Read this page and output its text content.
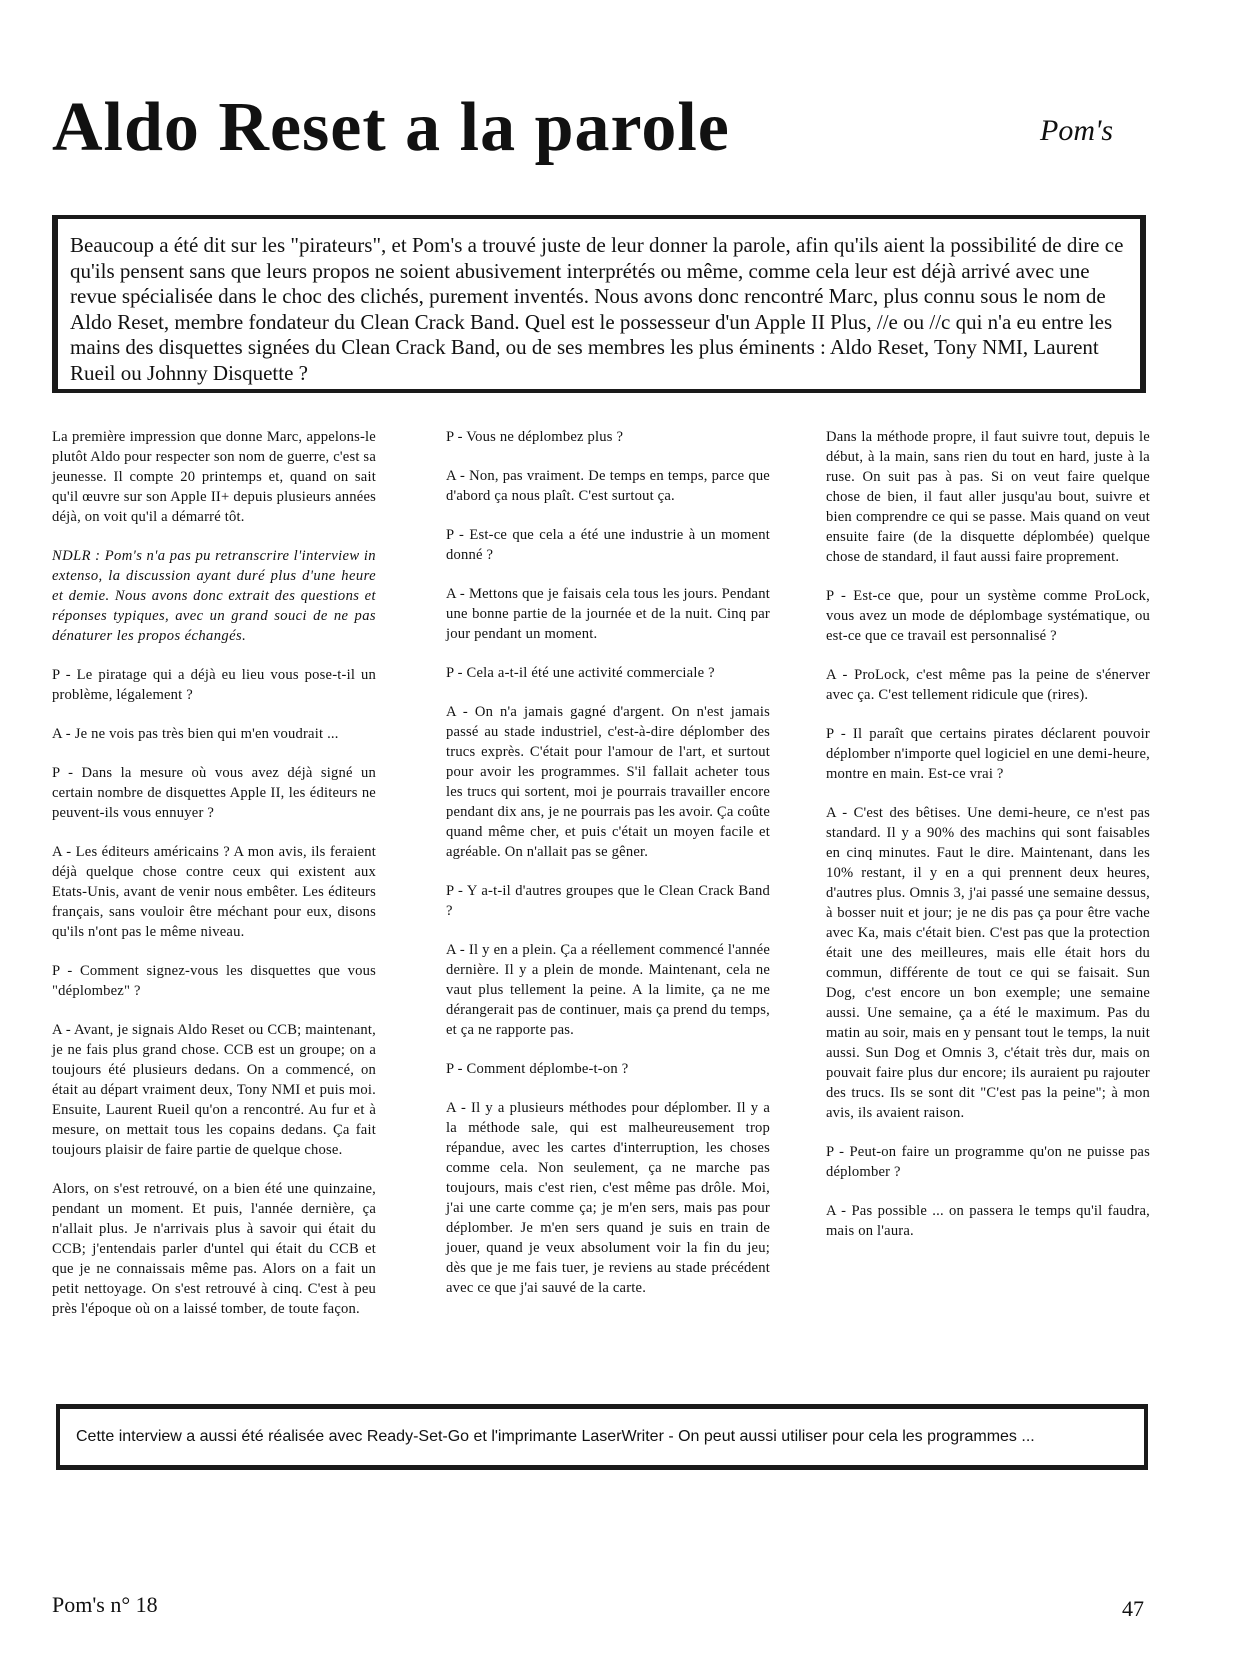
Aldo Reset a la parole	Pom's
Beaucoup a été dit sur les "pirateurs", et Pom's a trouvé juste de leur donner la parole, afin qu'ils aient la possibilité de dire ce qu'ils pensent sans que leurs propos ne soient abusivement interprétés ou même, comme cela leur est déjà arrivé avec une revue spécialisée dans le choc des clichés, purement inventés. Nous avons donc rencontré Marc, plus connu sous le nom de Aldo Reset, membre fondateur du Clean Crack Band. Quel est le possesseur d'un Apple II Plus, //e ou //c qui n'a eu entre les mains des disquettes signées du Clean Crack Band, ou de ses membres les plus éminents : Aldo Reset, Tony NMI, Laurent Rueil ou Johnny Disquette ?

La première impression que donne Marc, appelons-le plutôt Aldo pour respecter son nom de guerre, c'est sa jeunesse. Il compte 20 printemps et, quand on sait qu'il œuvre sur son Apple II+ depuis plusieurs années déjà, on voit qu'il a démarré tôt.

NDLR : Pom's n'a pas pu retranscrire l'interview in extenso, la discussion ayant duré plus d'une heure et demie. Nous avons donc extrait des questions et réponses typiques, avec un grand souci de ne pas dénaturer les propos échangés.

P - Le piratage qui a déjà eu lieu vous pose-t-il un problème, légalement ?

A - Je ne vois pas très bien qui m'en voudrait ...

P - Dans la mesure où vous avez déjà signé un certain nombre de disquettes Apple II, les éditeurs ne peuvent-ils vous ennuyer ?

A - Les éditeurs américains ? A mon avis, ils feraient déjà quelque chose contre ceux qui existent aux Etats-Unis, avant de venir nous embêter. Les éditeurs français, sans vouloir être méchant pour eux, disons qu'ils n'ont pas le même niveau.

P - Comment signez-vous les disquettes que vous "déplombez" ?

A - Avant, je signais Aldo Reset ou CCB; maintenant, je ne fais plus grand chose. CCB est un groupe; on a toujours été plusieurs dedans. On a commencé, on était au départ vraiment deux, Tony NMI et puis moi. Ensuite, Laurent Rueil qu'on a rencontré. Au fur et à mesure, on mettait tous les copains dedans. Ça fait toujours plaisir de faire partie de quelque chose.

Alors, on s'est retrouvé, on a bien été une quinzaine, pendant un moment. Et puis, l'année dernière, ça n'allait plus. Je n'arrivais plus à savoir qui était du CCB; j'entendais parler d'untel qui était du CCB et que je ne connaissais même pas. Alors on a fait un petit nettoyage. On s'est retrouvé à cinq. C'est à peu près l'époque où on a laissé tomber, de toute façon.

P - Vous ne déplombez plus ?

A - Non, pas vraiment. De temps en temps, parce que d'abord ça nous plaît. C'est surtout ça.

P - Est-ce que cela a été une industrie à un moment donné ?

A - Mettons que je faisais cela tous les jours. Pendant une bonne partie de la journée et de la nuit. Cinq par jour pendant un moment.

P - Cela a-t-il été une activité commerciale ?

A - On n'a jamais gagné d'argent. On n'est jamais passé au stade industriel, c'est-à-dire déplomber des trucs exprès. C'était pour l'amour de l'art, et surtout pour avoir les programmes. S'il fallait acheter tous les trucs qui sortent, moi je pourrais travailler encore pendant dix ans, je ne pourrais pas les avoir. Ça coûte quand même cher, et puis c'était un moyen facile et agréable. On n'allait pas se gêner.

P - Y a-t-il d'autres groupes que le Clean Crack Band ?

A - Il y en a plein. Ça a réellement commencé l'année dernière. Il y a plein de monde. Maintenant, cela ne vaut plus tellement la peine. A la limite, ça ne me dérangerait pas de continuer, mais ça prend du temps, et ça ne rapporte pas.

P - Comment déplombe-t-on ?

A - Il y a plusieurs méthodes pour déplomber. Il y a la méthode sale, qui est malheureusement trop répandue, avec les cartes d'interruption, les choses comme cela. Non seulement, ça ne marche pas toujours, mais c'est rien, c'est même pas drôle. Moi, j'ai une carte comme ça; je m'en sers, mais pas pour déplomber. Je m'en sers quand je suis en train de jouer, quand je veux absolument voir la fin du jeu; dès que je me fais tuer, je reviens au stade précédent avec ce que j'ai sauvé de la carte.

Dans la méthode propre, il faut suivre tout, depuis le début, à la main, sans rien du tout en hard, juste à la ruse. On suit pas à pas. Si on veut faire quelque chose de bien, il faut aller jusqu'au bout, suivre et bien comprendre ce qui se passe. Mais quand on veut ensuite faire (de la disquette déplombée) quelque chose de standard, il faut aussi faire proprement.

P - Est-ce que, pour un système comme ProLock, vous avez un mode de déplombage systématique, ou est-ce que ce travail est personnalisé ?

A - ProLock, c'est même pas la peine de s'énerver avec ça. C'est tellement ridicule que (rires).

P - Il paraît que certains pirates déclarent pouvoir déplomber n'importe quel logiciel en une demi-heure, montre en main. Est-ce vrai ?

A - C'est des bêtises. Une demi-heure, ce n'est pas standard. Il y a 90% des machins qui sont faisables en cinq minutes. Faut le dire. Maintenant, dans les 10% restant, il y en a qui prennent deux heures, d'autres plus. Omnis 3, j'ai passé une semaine dessus, à bosser nuit et jour; je ne dis pas ça pour être vache avec Ka, mais c'était bien. C'est pas que la protection était une des meilleures, mais elle était hors du commun, différente de tout ce qui se faisait. Sun Dog, c'est encore un bon exemple; une semaine aussi. Une semaine, ça a été le maximum. Pas du matin au soir, mais en y pensant tout le temps, la nuit aussi. Sun Dog et Omnis 3, c'était très dur, mais on pouvait faire plus dur encore; ils auraient pu rajouter des trucs. Ils se sont dit "C'est pas la peine"; à mon avis, ils avaient raison.

P - Peut-on faire un programme qu'on ne puisse pas déplomber ?

A - Pas possible ... on passera le temps qu'il faudra, mais on l'aura.

Cette interview a aussi été réalisée avec Ready-Set-Go et l'imprimante LaserWriter - On peut aussi utiliser pour cela les programmes ...
Pom's n° 18	47
